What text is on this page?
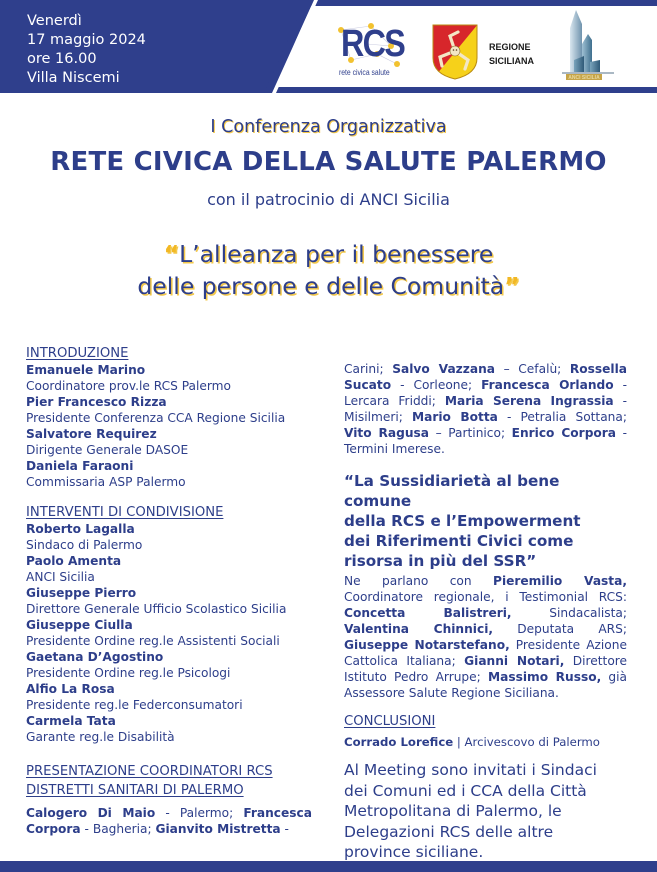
Venerdì
17 maggio 2024
ore 16.00
Villa Niscemi
RCS
rete civica salute
REGIONE
SICILIANA
ANCI SICILIA
I Conferenza Organizzativa
RETE CIVICA DELLA SALUTE PALERMO
con il patrocinio di ANCI Sicilia
“L’alleanza per il benessere
delle persone e delle Comunità”
INTRODUZIONE
Emanuele Marino
Coordinatore prov.le RCS Palermo
Pier Francesco Rizza
Presidente Conferenza CCA Regione Sicilia
Salvatore Requirez
Dirigente Generale DASOE
Daniela Faraoni
Commissaria ASP Palermo
INTERVENTI DI CONDIVISIONE
Roberto Lagalla
Sindaco di Palermo
Paolo Amenta
ANCI Sicilia
Giuseppe Pierro
Direttore Generale Ufficio Scolastico Sicilia
Giuseppe Ciulla
Presidente Ordine reg.le Assistenti Sociali
Gaetana D’Agostino
Presidente Ordine reg.le Psicologi
Alfio La Rosa
Presidente reg.le Federconsumatori
Carmela Tata
Garante reg.le Disabilità
PRESENTAZIONE COORDINATORI RCS
DISTRETTI SANITARI DI PALERMO
Calogero Di Maio - Palermo; Francesca Corpora - Bagheria; Gianvito Mistretta -
Carini; Salvo Vazzana – Cefalù; Rossella Sucato - Corleone; Francesca Orlando - Lercara Friddi; Maria Serena Ingrassia - Misilmeri; Mario Botta - Petralia Sottana; Vito Ragusa – Partinico; Enrico Corpora - Termini Imerese.
“La Sussidiarietà al bene comune
della RCS e l’Empowerment
dei Riferimenti Civici come
risorsa in più del SSR”
Ne parlano con Pieremilio Vasta, Coordinatore regionale, i Testimonial RCS: Concetta Balistreri, Sindacalista; Valentina Chinnici, Deputata ARS; Giuseppe Notarstefano, Presidente Azione Cattolica Italiana; Gianni Notari, Direttore Istituto Pedro Arrupe; Massimo Russo, già Assessore Salute Regione Siciliana.
CONCLUSIONI
Corrado Lorefice | Arcivescovo di Palermo
Al Meeting sono invitati i Sindaci
dei Comuni ed i CCA della Città
Metropolitana di Palermo, le
Delegazioni RCS delle altre
province siciliane.
